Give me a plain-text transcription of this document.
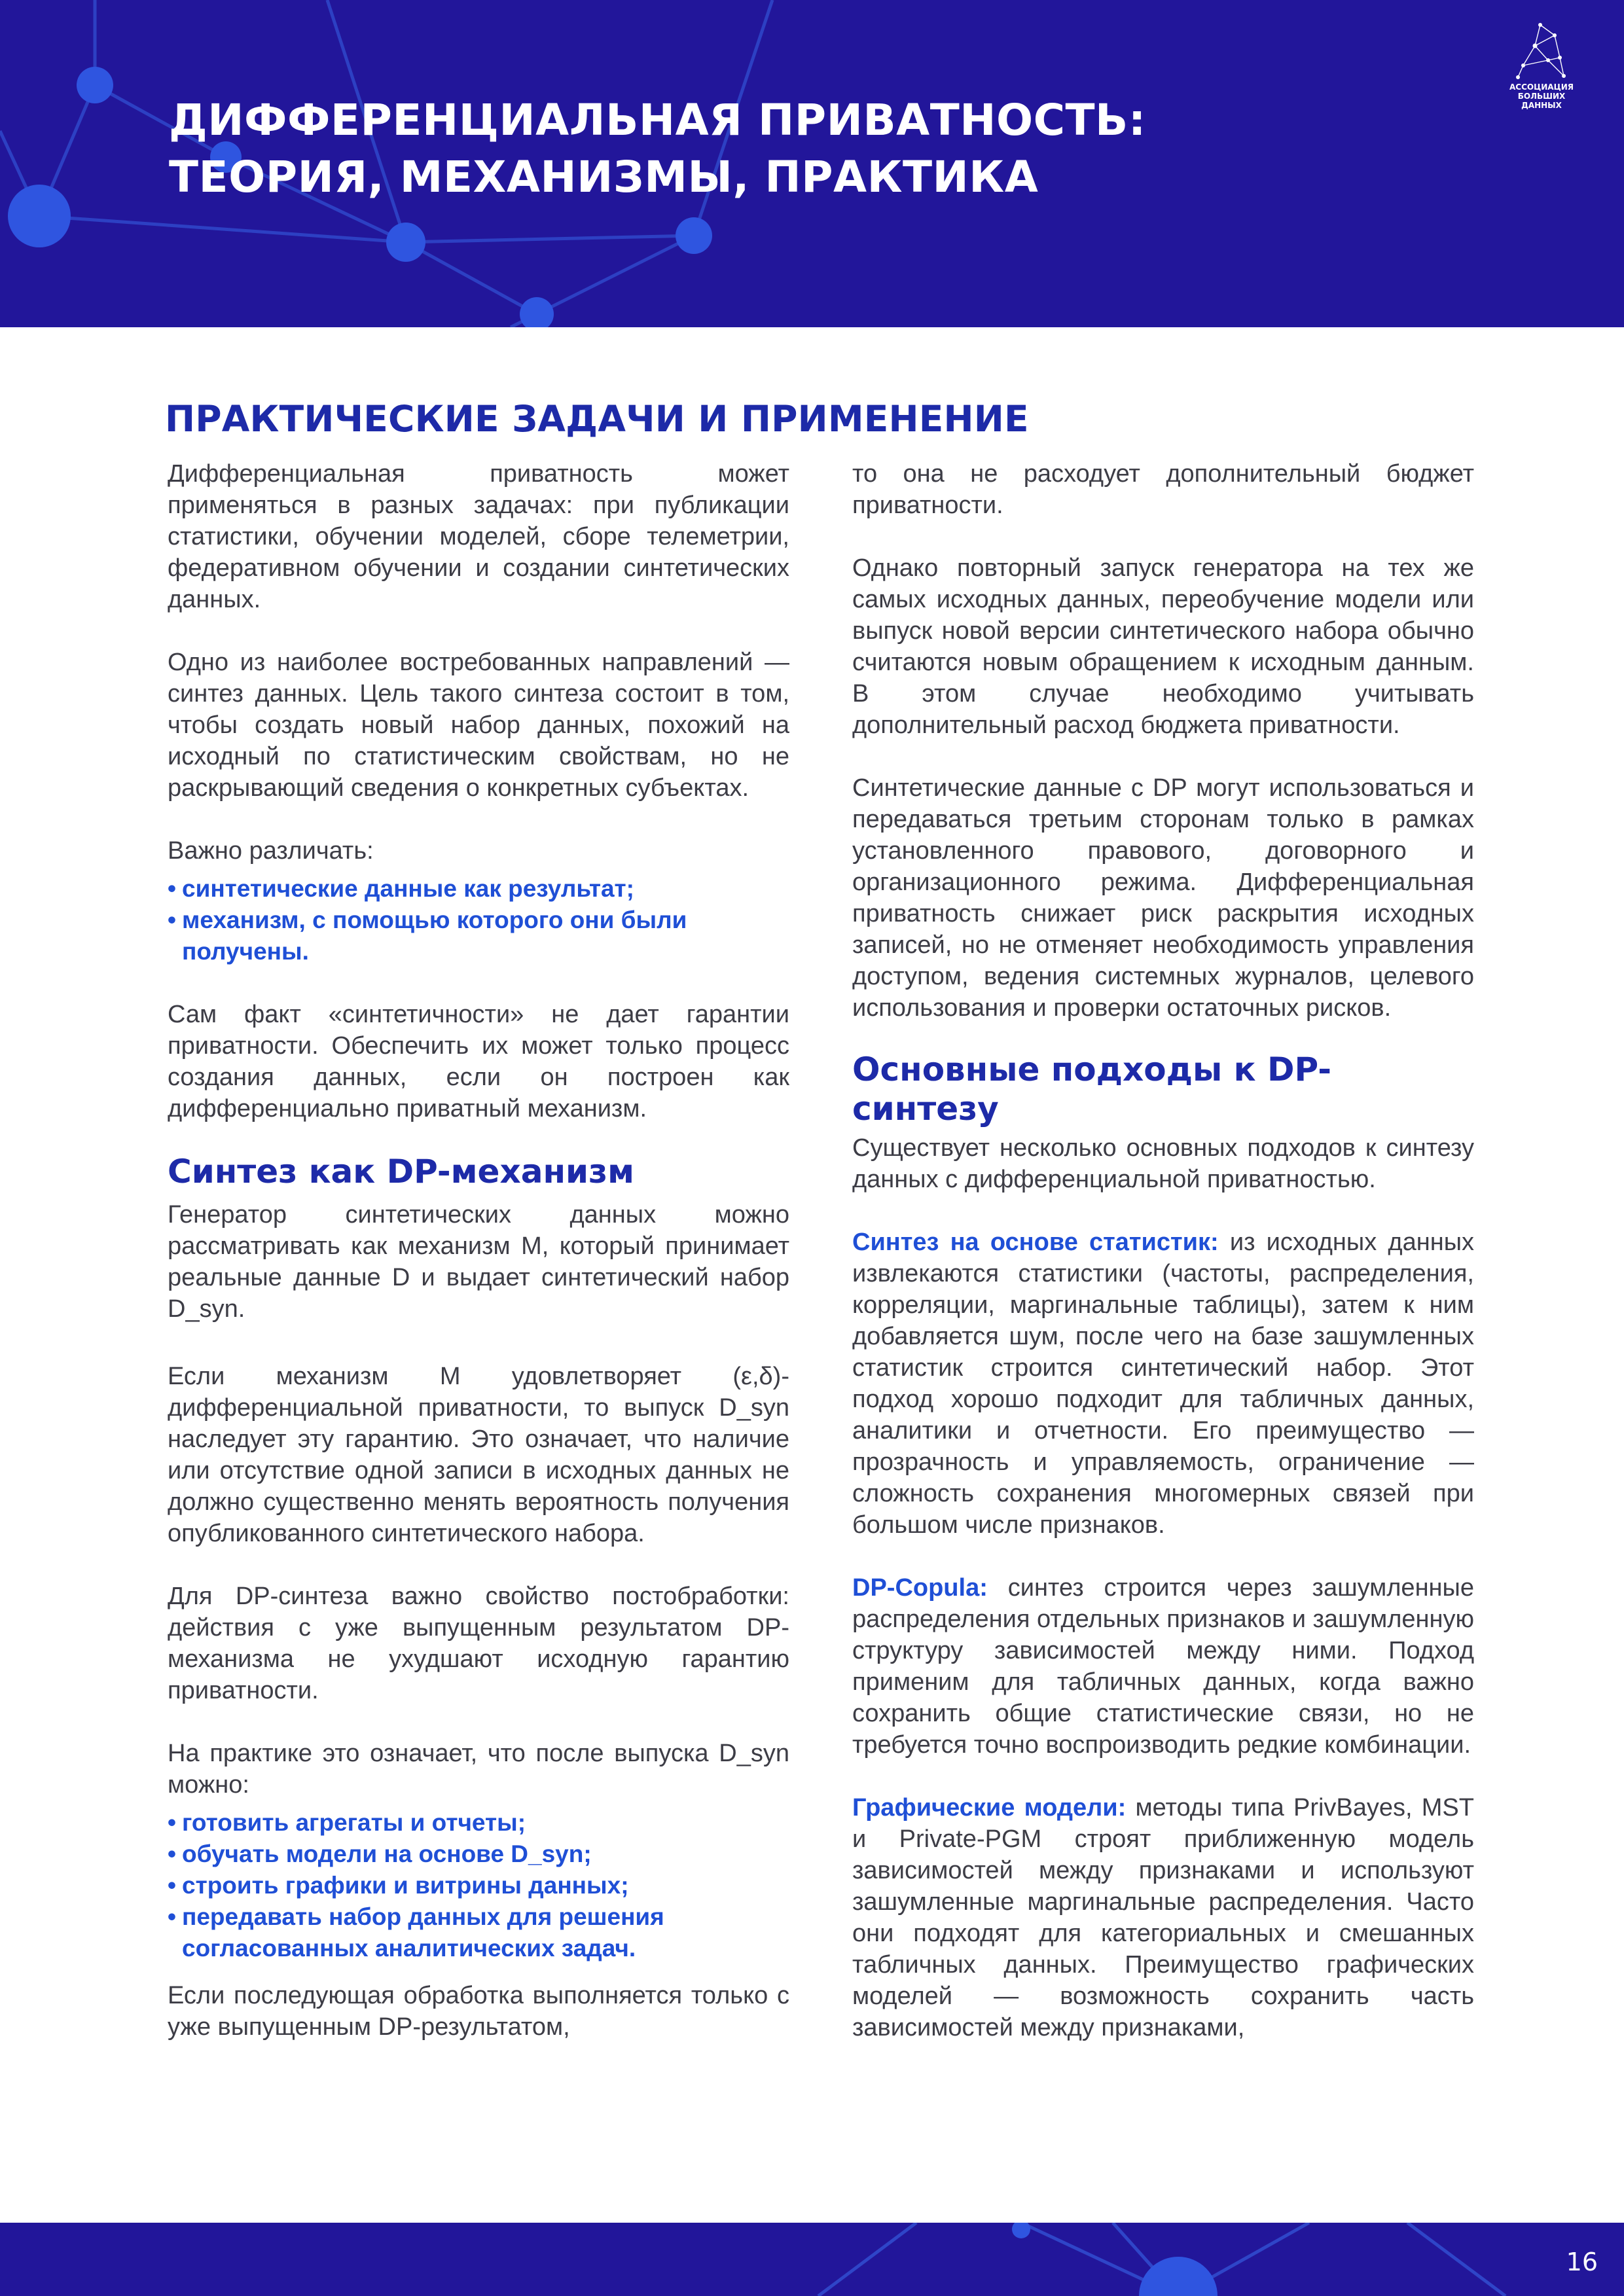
ДИФФЕРЕНЦИАЛЬНАЯ ПРИВАТНОСТЬ:
ТЕОРИЯ, МЕХАНИЗМЫ, ПРАКТИКА
АССОЦИАЦИЯ
БОЛЬШИХ ДАННЫХ
ПРАКТИЧЕСКИЕ ЗАДАЧИ И ПРИМЕНЕНИЕ

Дифференциальная приватность может применяться в разных задачах: при публикации статистики, обучении моделей, сборе телеметрии, федеративном обучении и создании синтетических данных.

Одно из наиболее востребованных направлений — синтез данных. Цель такого синтеза состоит в том, чтобы создать новый набор данных, похожий на исходный по статистическим свойствам, но не раскрывающий сведения о конкретных субъектах.

Важно различать:

• синтетические данные как результат;
• механизм, с помощью которого они были получены.

Сам факт «синтетичности» не дает гарантии приватности. Обеспечить их может только процесс создания данных, если он построен как дифференциально приватный механизм.

Синтез как DP-механизм

Генератор синтетических данных можно рассматривать как механизм M, который принимает реальные данные D и выдает синтетический набор D_syn.

Если механизм M удовлетворяет (ε,δ)-дифференциальной приватности, то выпуск D_syn наследует эту гарантию. Это означает, что наличие или отсутствие одной записи в исходных данных не должно существенно менять вероятность получения опубликованного синтетического набора.

Для DP-синтеза важно свойство постобработки: действия с уже выпущенным результатом DP-механизма не ухудшают исходную гарантию приватности.

На практике это означает, что после выпуска D_syn можно:

• готовить агрегаты и отчеты;
• обучать модели на основе D_syn;
• строить графики и витрины данных;
• передавать набор данных для решения согласованных аналитических задач.

Если последующая обработка выполняется только с уже выпущенным DP-результатом,

то она не расходует дополнительный бюджет приватности.

Однако повторный запуск генератора на тех же самых исходных данных, переобучение модели или выпуск новой версии синтетического набора обычно считаются новым обращением к исходным данным. В этом случае необходимо учитывать дополнительный расход бюджета приватности.

Синтетические данные с DP могут использоваться и передаваться третьим сторонам только в рамках установленного правового, договорного и организационного режима. Дифференциальная приватность снижает риск раскрытия исходных записей, но не отменяет необходимость управления доступом, ведения системных журналов, целевого использования и проверки остаточных рисков.

Основные подходы к DP-синтезу

Существует несколько основных подходов к синтезу данных с дифференциальной приватностью.

Синтез на основе статистик: из исходных данных извлекаются статистики (частоты, распределения, корреляции, маргинальные таблицы), затем к ним добавляется шум, после чего на базе зашумленных статистик строится синтетический набор. Этот подход хорошо подходит для табличных данных, аналитики и отчетности. Его преимущество — прозрачность и управляемость, ограничение — сложность сохранения многомерных связей при большом числе признаков.

DP-Copula: синтез строится через зашумленные распределения отдельных признаков и зашумленную структуру зависимостей между ними. Подход применим для табличных данных, когда важно сохранить общие статистические связи, но не требуется точно воспроизводить редкие комбинации.

Графические модели: методы типа PrivBayes, MST и Private-PGM строят приближенную модель зависимостей между признаками и используют зашумленные маргинальные распределения. Часто они подходят для категориальных и смешанных табличных данных. Преимущество графических моделей — возможность сохранить часть зависимостей между признаками,

16
